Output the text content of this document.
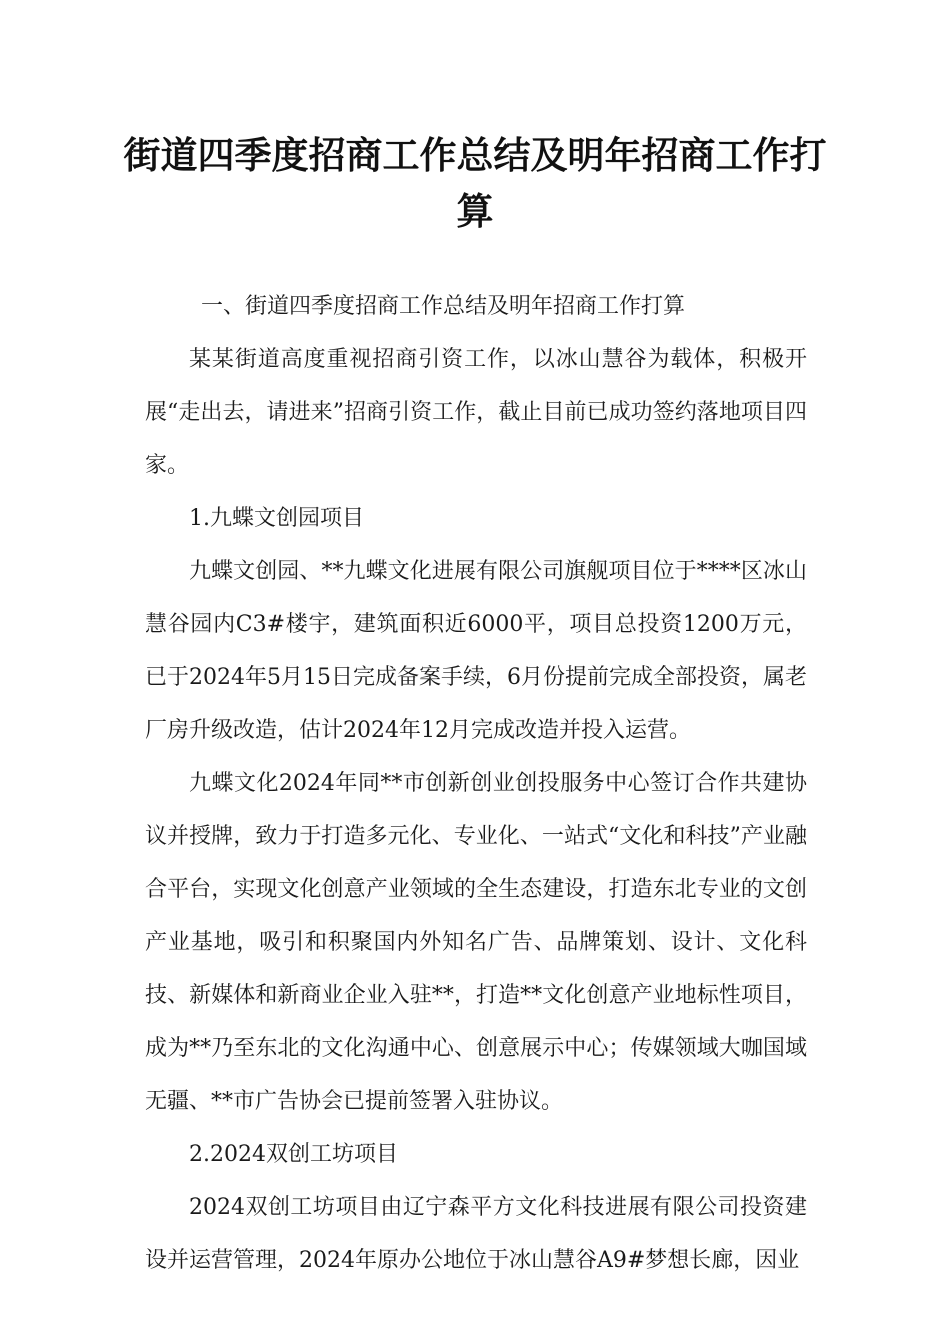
街道四季度招商工作总结及明年招商工作打算

一、街道四季度招商工作总结及明年招商工作打算

某某街道高度重视招商引资工作，以冰山慧谷为载体，积极开展“走出去，请进来”招商引资工作，截止目前已成功签约落地项目四家。

1.九蝶文创园项目

九蝶文创园、**九蝶文化进展有限公司旗舰项目位于****区冰山慧谷园内C3#楼宇，建筑面积近6000平，项目总投资1200万元，已于2024年5月15日完成备案手续，6月份提前完成全部投资，属老厂房升级改造，估计2024年12月完成改造并投入运营。

九蝶文化2024年同**市创新创业创投服务中心签订合作共建协议并授牌，致力于打造多元化、专业化、一站式“文化和科技”产业融合平台，实现文化创意产业领域的全生态建设，打造东北专业的文创产业基地，吸引和积聚国内外知名广告、品牌策划、设计、文化科技、新媒体和新商业企业入驻**，打造**文化创意产业地标性项目，成为**乃至东北的文化沟通中心、创意展示中心；传媒领域大咖国域无疆、**市广告协会已提前签署入驻协议。

2.2024双创工坊项目

2024双创工坊项目由辽宁森平方文化科技进展有限公司投资建设并运营管理，2024年原办公地位于冰山慧谷A9#梦想长廊，因业
